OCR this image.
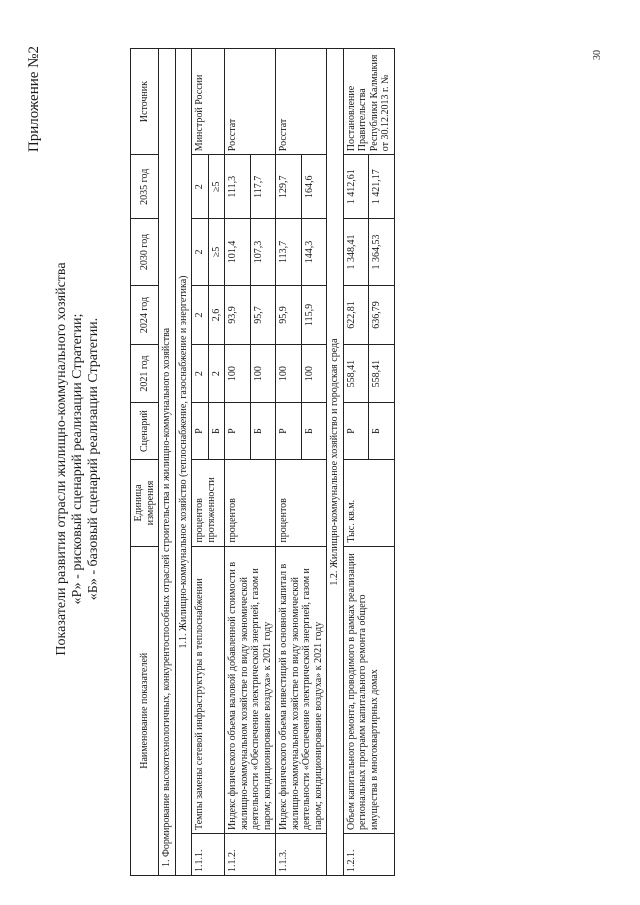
30
Приложение №2
Показатели развития отрасли жилищно-коммунального хозяйства «Р» - рисковый сценарий реализации Стратегии; «Б» - базовый сценарий реализации Стратегии.
Наименование показателей		Единица измерения	Сценарий	2021 год	2024 год	2030 год	2035 год	Источник
1. Формирование высокотехнологичных, конкурентоспособных отраслей строительства и жилищно-коммунального хозяйства								
1.1. Жилищно-коммунальное хозяйство (теплоснабжение, газоснабжение и энергетика)								
1.1.1.	Темпы замены сетевой инфраструктуры в теплоснабжении	процентов протяженности	Р	2	2	2	2	Минстрой России
			Б	2	2,6	≥5	≥5	
1.1.2.	Индекс физического объема валовой добавленной стоимости в жилищно-коммунальном хозяйстве по виду экономической деятельности «Обеспечение электрической энергией, газом и паром; кондиционирование воздуха» к 2021 году	процентов	Р	100	93,9	101,4	111,3	Росстат
			Б	100	95,7	107,3	117,7	
1.1.3.	Индекс физического объема инвестиций в основной капитал в жилищно-коммунальном хозяйстве по виду экономической деятельности «Обеспечение электрической энергией, газом и паром; кондиционирование воздуха» к 2021 году	процентов	Р	100	95,9	113,7	129,7	Росстат
			Б	100	115,9	144,3	164,6	
1.2. Жилищно-коммунальное хозяйство и городская среда								
1.2.1.	Объем капитального ремонта, проводимого в рамках реализации региональных программ капитального ремонта общего имущества в многоквартирных домах	Тыс. кв.м.	Р	558,41	622,81	1 348,41	1 412,61	Постановление Правительства Республики Калмыкия от 30.12.2013 г. №
			Б	558,41	636,79	1 364,53	1 421,17	
